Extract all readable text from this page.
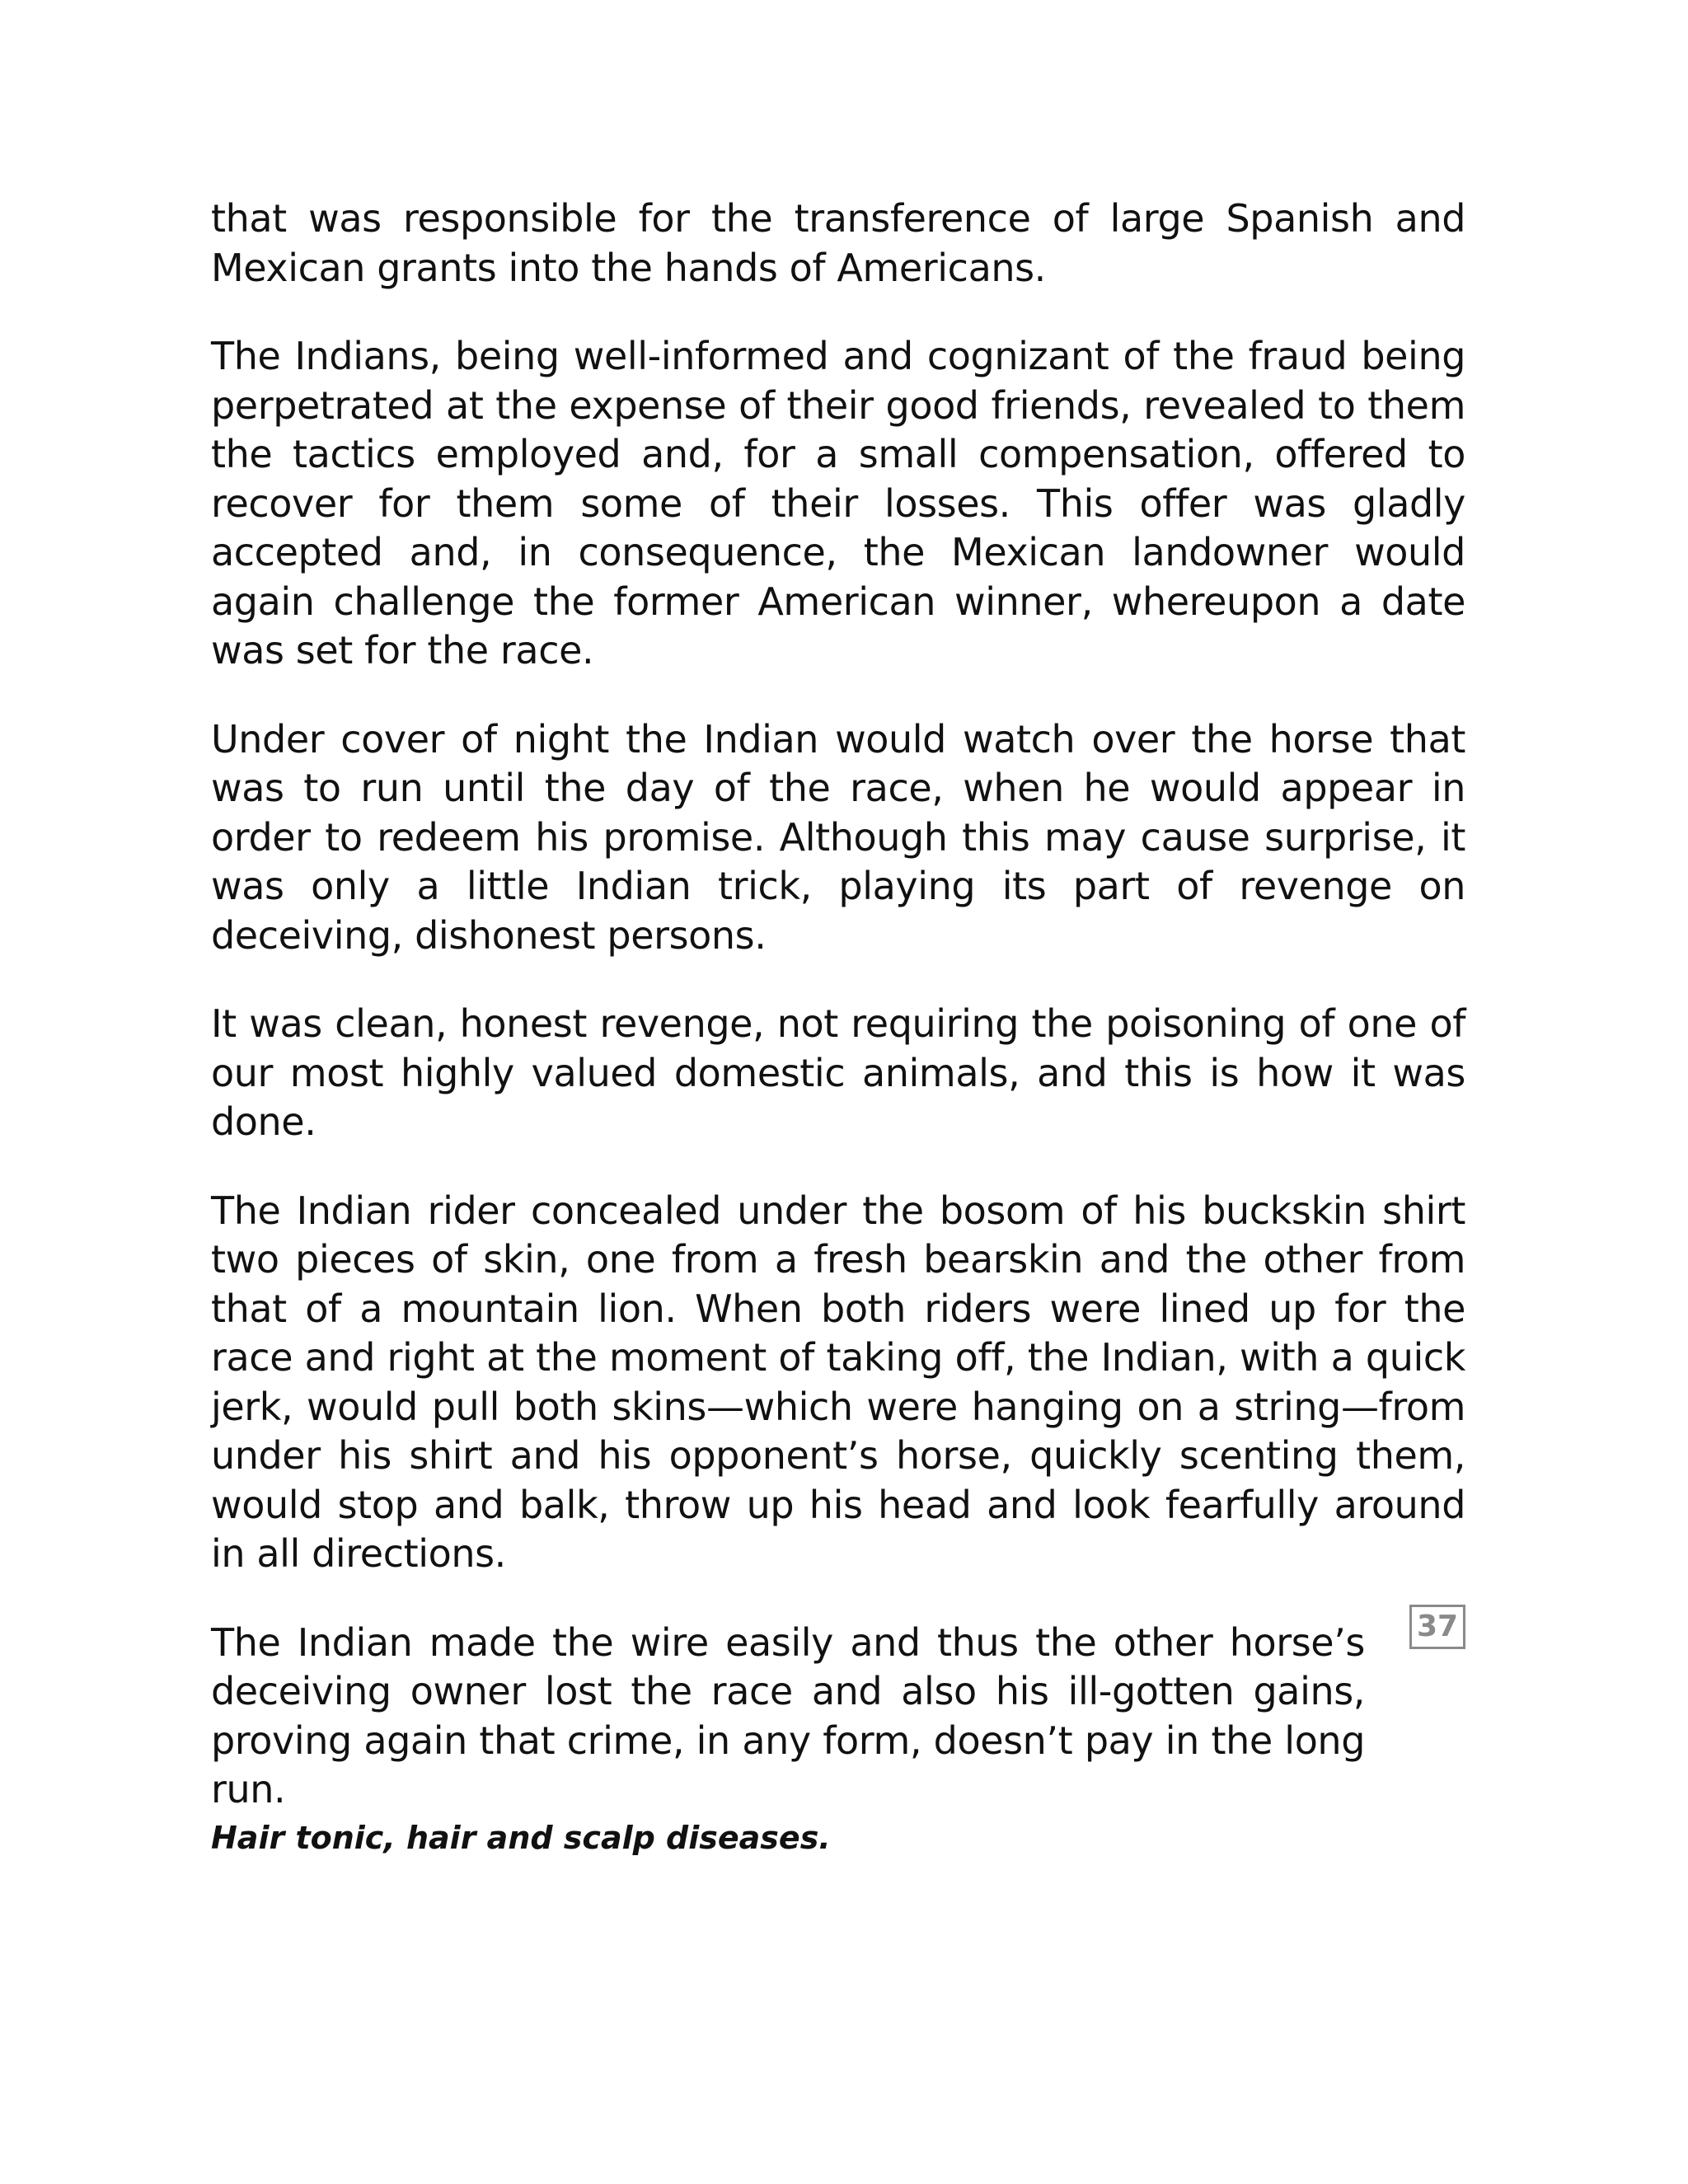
that was responsible for the transference of large Spanish and Mexican grants into the hands of Americans.

The Indians, being well-informed and cognizant of the fraud being perpetrated at the expense of their good friends, revealed to them the tactics employed and, for a small compensation, offered to recover for them some of their losses. This offer was gladly accepted and, in consequence, the Mexican landowner would again challenge the former American winner, whereupon a date was set for the race.

Under cover of night the Indian would watch over the horse that was to run until the day of the race, when he would appear in order to redeem his promise. Although this may cause surprise, it was only a little Indian trick, playing its part of revenge on deceiving, dishonest persons.

It was clean, honest revenge, not requiring the poisoning of one of our most highly valued domestic animals, and this is how it was done.

The Indian rider concealed under the bosom of his buckskin shirt two pieces of skin, one from a fresh bearskin and the other from that of a mountain lion. When both riders were lined up for the race and right at the moment of taking off, the Indian, with a quick jerk, would pull both skins—which were hanging on a string—from under his shirt and his opponent’s horse, quickly scenting them, would stop and balk, throw up his head and look fearfully around in all directions.

The Indian made the wire easily and thus the other horse’s deceiving owner lost the race and also his ill-gotten gains, proving again that crime, in any form, doesn’t pay in the long run.

37
Hair tonic, hair and scalp diseases.
